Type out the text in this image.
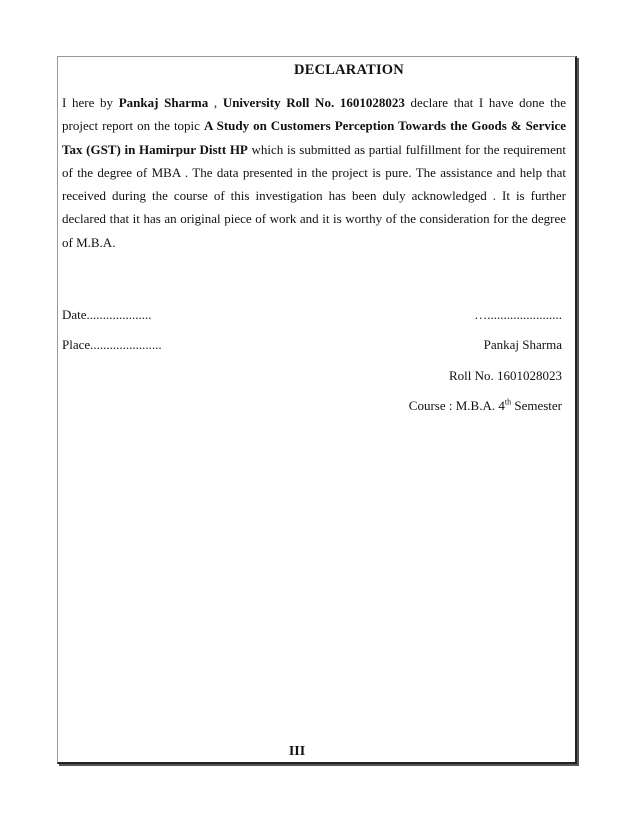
DECLARATION
I here by Pankaj Sharma , University Roll No. 1601028023 declare that I have done the project report on the topic A Study on Customers Perception Towards the Goods & Service Tax (GST) in Hamirpur Distt HP which is submitted as partial fulfillment for the requirement of the degree of MBA . The data presented in the project is pure. The assistance and help that received during the course of this investigation has been duly acknowledged . It is further declared that it has an original piece of work and it is worthy of the consideration for the degree of M.B.A.
Date....................	….......................
Place......................	Pankaj Sharma
Roll No. 1601028023
Course : M.B.A. 4th Semester
III
